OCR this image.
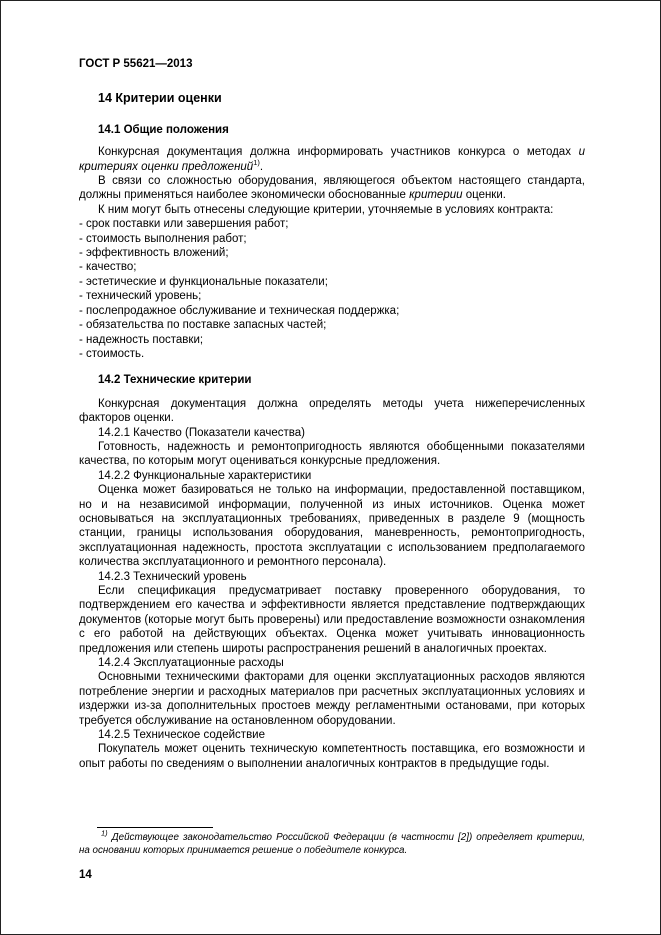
ГОСТ Р 55621—2013
14 Критерии оценки
14.1 Общие положения

Конкурсная документация должна информировать участников конкурса о методах и критериях оценки предложений$^{1)}$.

В связи со сложностью оборудования, являющегося объектом настоящего стандарта, должны применяться наиболее экономически обоснованные критерии оценки.

К ним могут быть отнесены следующие критерии, уточняемые в условиях контракта:

- срок поставки или завершения работ;
- стоимость выполнения работ;
- эффективность вложений;
- качество;
- эстетические и функциональные показатели;
- технический уровень;
- послепродажное обслуживание и техническая поддержка;
- обязательства по поставке запасных частей;
- надежность поставки;
- стоимость.
14.2 Технические критерии

Конкурсная документация должна определять методы учета нижеперечисленных факторов оценки.

14.2.1 Качество (Показатели качества)

Готовность, надежность и ремонтопригодность являются обобщенными показателями качества, по которым могут оцениваться конкурсные предложения.

14.2.2 Функциональные характеристики

Оценка может базироваться не только на информации, предоставленной поставщиком, но и на независимой информации, полученной из иных источников. Оценка может основываться на эксплуатационных требованиях, приведенных в разделе 9 (мощность станции, границы использования оборудования, маневренность, ремонтопригодность, эксплуатационная надежность, простота эксплуатации с использованием предполагаемого количества эксплуатационного и ремонтного персонала).

14.2.3 Технический уровень

Если спецификация предусматривает поставку проверенного оборудования, то подтверждением его качества и эффективности является представление подтверждающих документов (которые могут быть проверены) или предоставление возможности ознакомления с его работой на действующих объектах. Оценка может учитывать инновационность предложения или степень широты распространения решений в аналогичных проектах.

14.2.4 Эксплуатационные расходы

Основными техническими факторами для оценки эксплуатационных расходов являются потребление энергии и расходных материалов при расчетных эксплуатационных условиях и издержки из-за дополнительных простоев между регламентными остановами, при которых требуется обслуживание на остановленном оборудовании.

14.2.5 Техническое содействие

Покупатель может оценить техническую компетентность поставщика, его возможности и опыт работы по сведениям о выполнении аналогичных контрактов в предыдущие годы.

$^{1)}$ Действующее законодательство Российской Федерации (в частности [2]) определяет критерии, на основании которых принимается решение о победителе конкурса.

14
